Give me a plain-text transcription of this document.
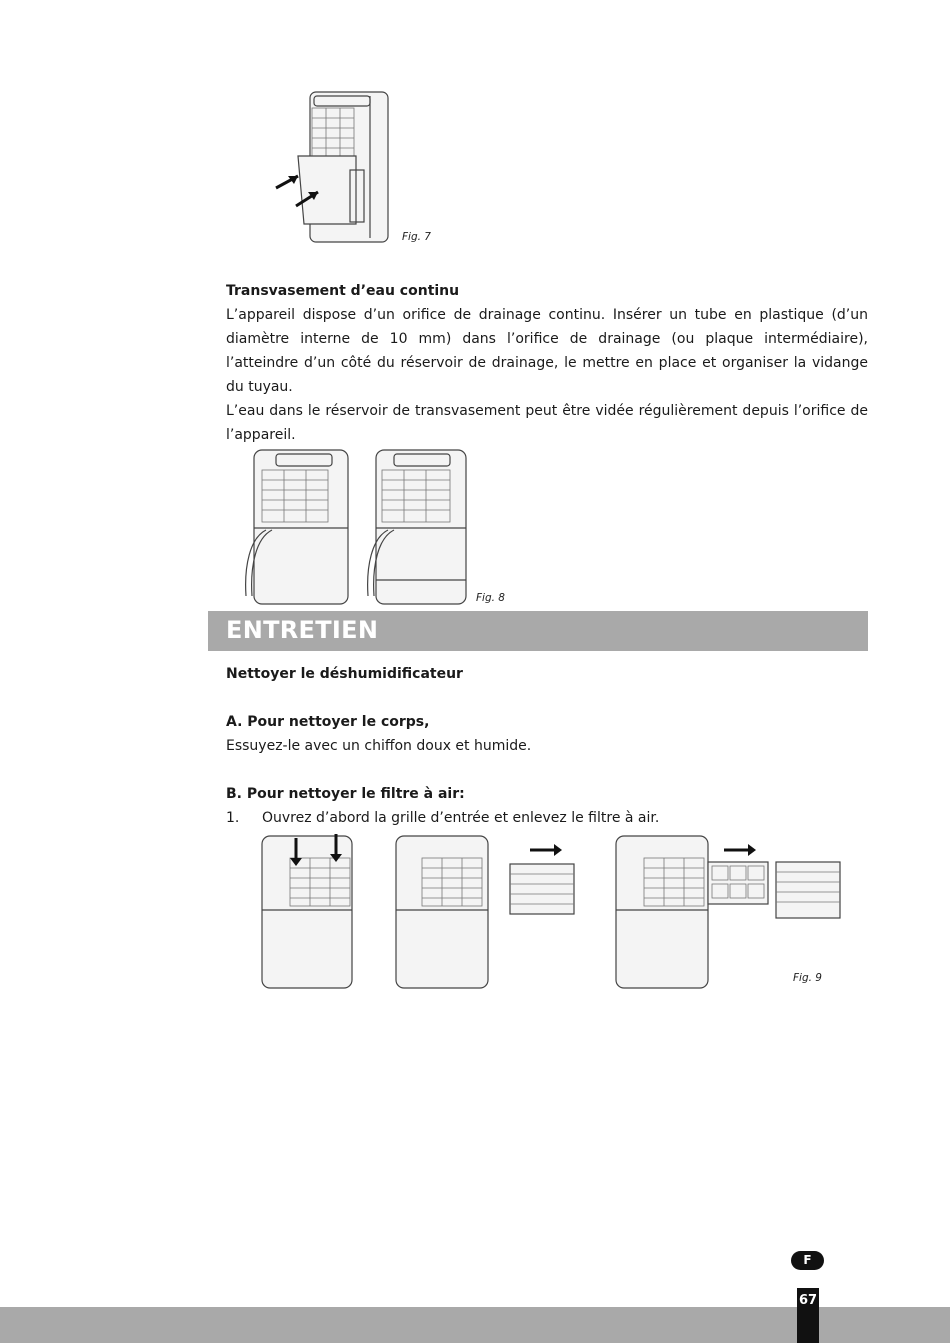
Fig. 7
Transvasement d’eau continu
L’appareil dispose d’un orifice de drainage continu. Insérer un tube en plastique (d’un
diamètre interne de 10 mm) dans l’orifice de drainage (ou plaque intermédiaire),
l’atteindre d’un côté du réservoir de drainage, le mettre en place et organiser la vidange
du tuyau.
L’eau dans le réservoir de transvasement peut être vidée régulièrement depuis l’orifice de
l’appareil.
Fig. 8
ENTRETIEN
Nettoyer le déshumidificateur
A. Pour nettoyer le corps,
Essuyez-le avec un chiffon doux et humide.
B. Pour nettoyer le filtre à air:
1. Ouvrez d’abord la grille d’entrée et enlevez le filtre à air.
Fig. 9
F
67
